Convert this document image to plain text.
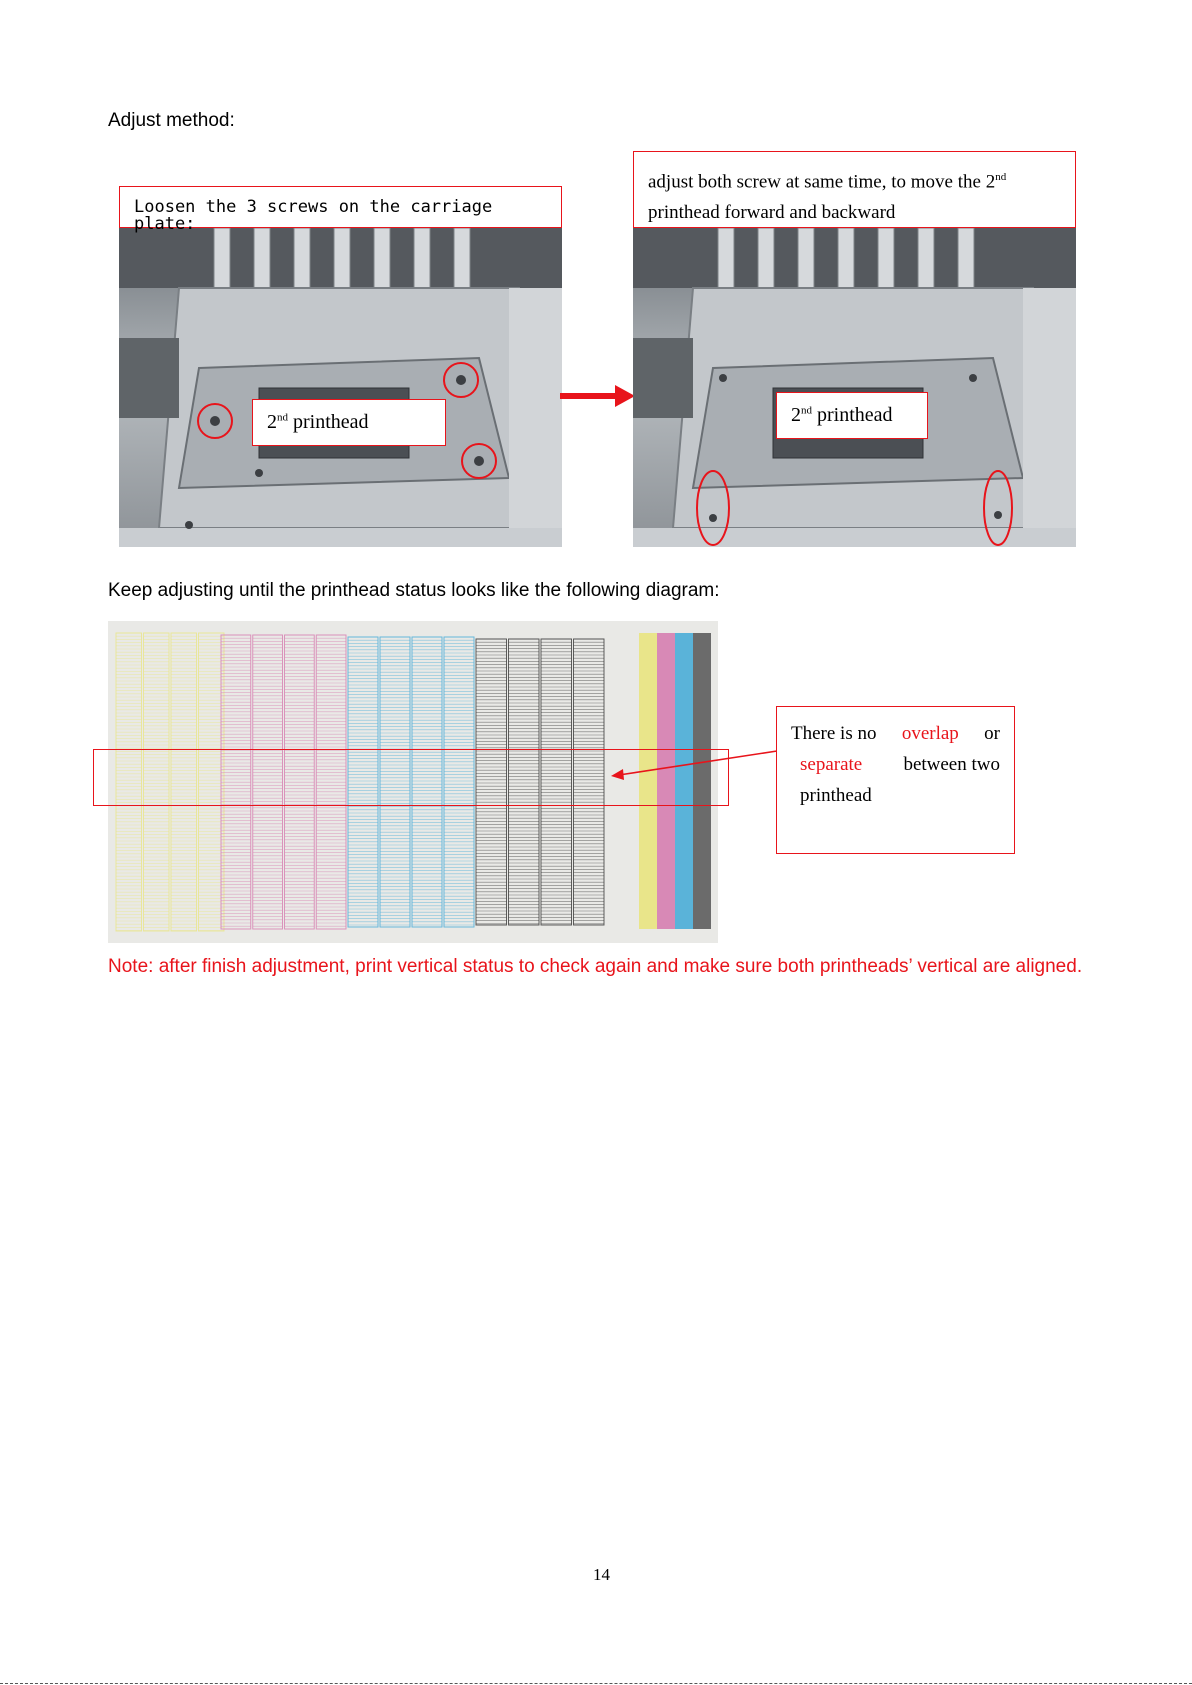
Adjust method:
Loosen the 3 screws on the carriage plate:
2nd printhead
adjust both screw at same time, to move the 2nd
printhead forward and backward
2nd printhead
Keep adjusting until the printhead status looks like the following diagram:
There is no overlap or
separate between two
printhead
Note: after finish adjustment, print vertical status to check again and make sure both printheads’ vertical are aligned.
14
